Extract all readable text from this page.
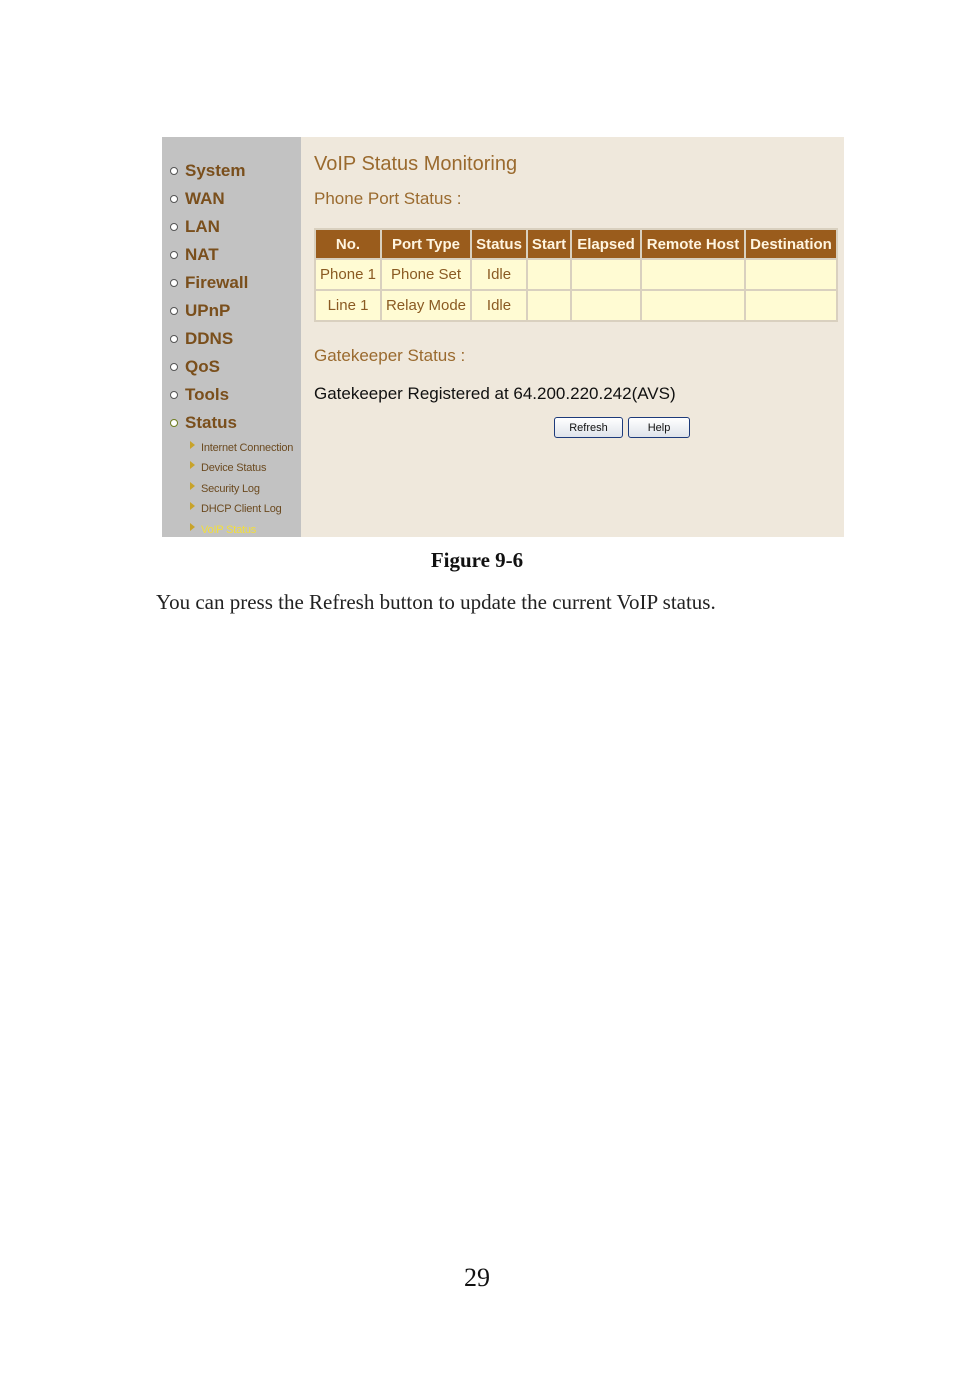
System
WAN
LAN
NAT
Firewall
UPnP
DDNS
QoS
Tools
Status
Internet Connection
Device Status
Security Log
DHCP Client Log
VoIP Status
VoIP Status Monitoring
Phone Port Status :
No.	Port Type	Status	Start	Elapsed	Remote Host	Destination
Phone 1	Phone Set	Idle				
Line 1	Relay Mode	Idle				
Gatekeeper Status :
Gatekeeper Registered at 64.200.220.242(AVS)
Refresh	Help
Figure 9-6
You can press the Refresh button to update the current VoIP status.
29
